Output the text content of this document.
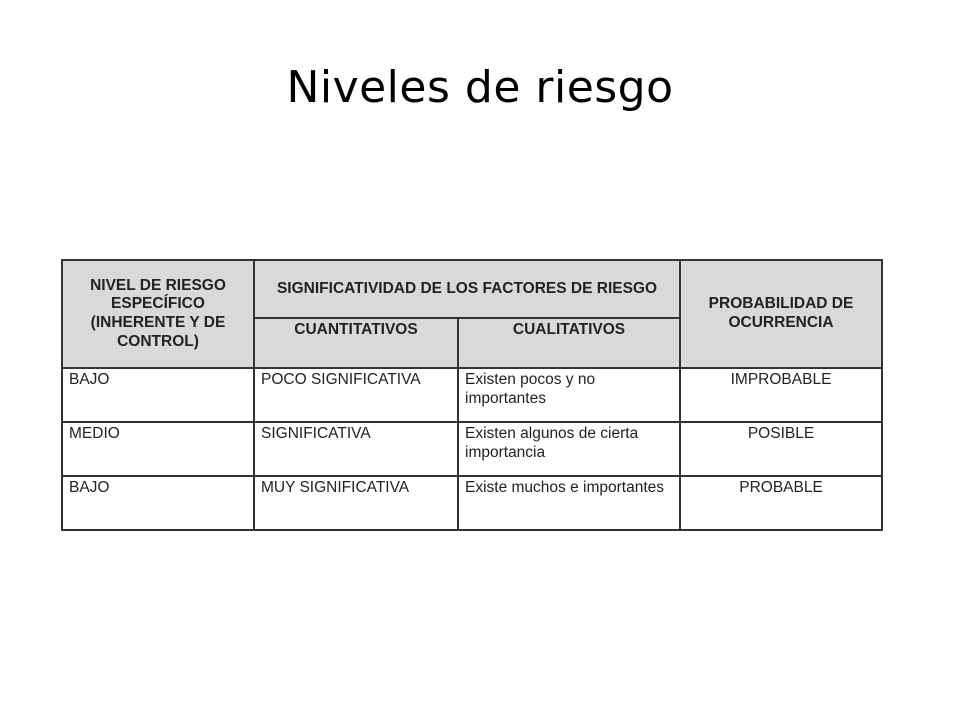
Niveles de riesgo
NIVEL DE RIESGO ESPECÍFICO (INHERENTE Y DE CONTROL)	SIGNIFICATIVIDAD DE LOS FACTORES DE RIESGO		PROBABILIDAD DE OCURRENCIA
	CUANTITATIVOS	CUALITATIVOS	
BAJO	POCO SIGNIFICATIVA	Existen pocos y no importantes	IMPROBABLE
MEDIO	SIGNIFICATIVA	Existen algunos de cierta importancia	POSIBLE
BAJO	MUY SIGNIFICATIVA	Existe muchos e importantes	PROBABLE
